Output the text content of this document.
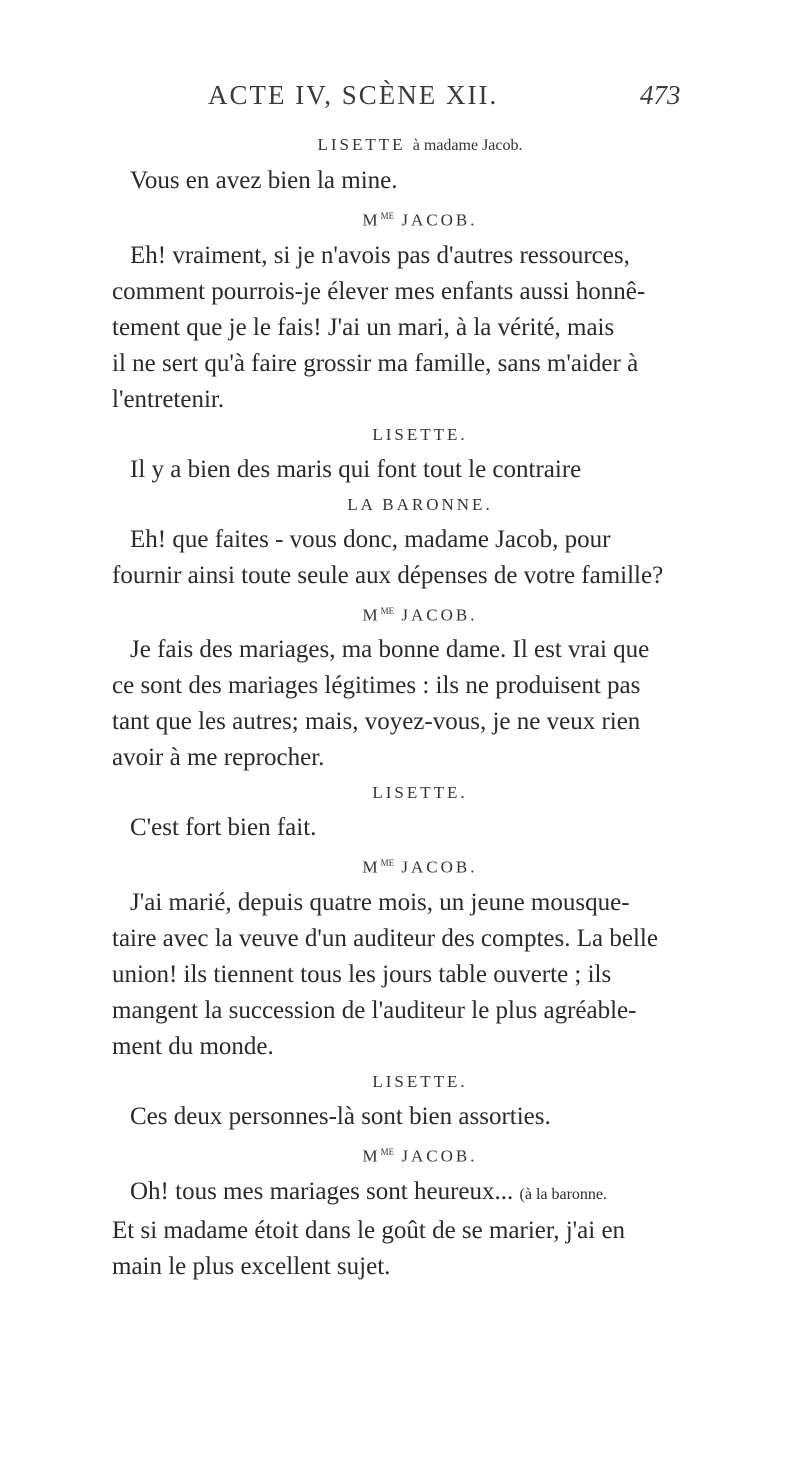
ACTE IV, SCÈNE XII.	473
LISETTE à madame Jacob.

Vous en avez bien la mine.

$M^{ME}$ JACOB.

Eh! vraiment, si je n'avois pas d'autres ressources,

comment pourrois-je élever mes enfants aussi honnê-

tement que je le fais! J'ai un mari, à la vérité, mais

il ne sert qu'à faire grossir ma famille, sans m'aider à

l'entretenir.

LISETTE.

Il y a bien des maris qui font tout le contraire

LA BARONNE.

Eh! que faites - vous donc, madame Jacob, pour

fournir ainsi toute seule aux dépenses de votre famille?

$M^{ME}$ JACOB.

Je fais des mariages, ma bonne dame. Il est vrai que

ce sont des mariages légitimes : ils ne produisent pas

tant que les autres; mais, voyez-vous, je ne veux rien

avoir à me reprocher.

LISETTE.

C'est fort bien fait.

$M^{ME}$ JACOB.

J'ai marié, depuis quatre mois, un jeune mousque-

taire avec la veuve d'un auditeur des comptes. La belle

union! ils tiennent tous les jours table ouverte ; ils

mangent la succession de l'auditeur le plus agréable-

ment du monde.

LISETTE.

Ces deux personnes-là sont bien assorties.

$M^{ME}$ JACOB.

Oh! tous mes mariages sont heureux... (à la baronne.

Et si madame étoit dans le goût de se marier, j'ai en

main le plus excellent sujet.
